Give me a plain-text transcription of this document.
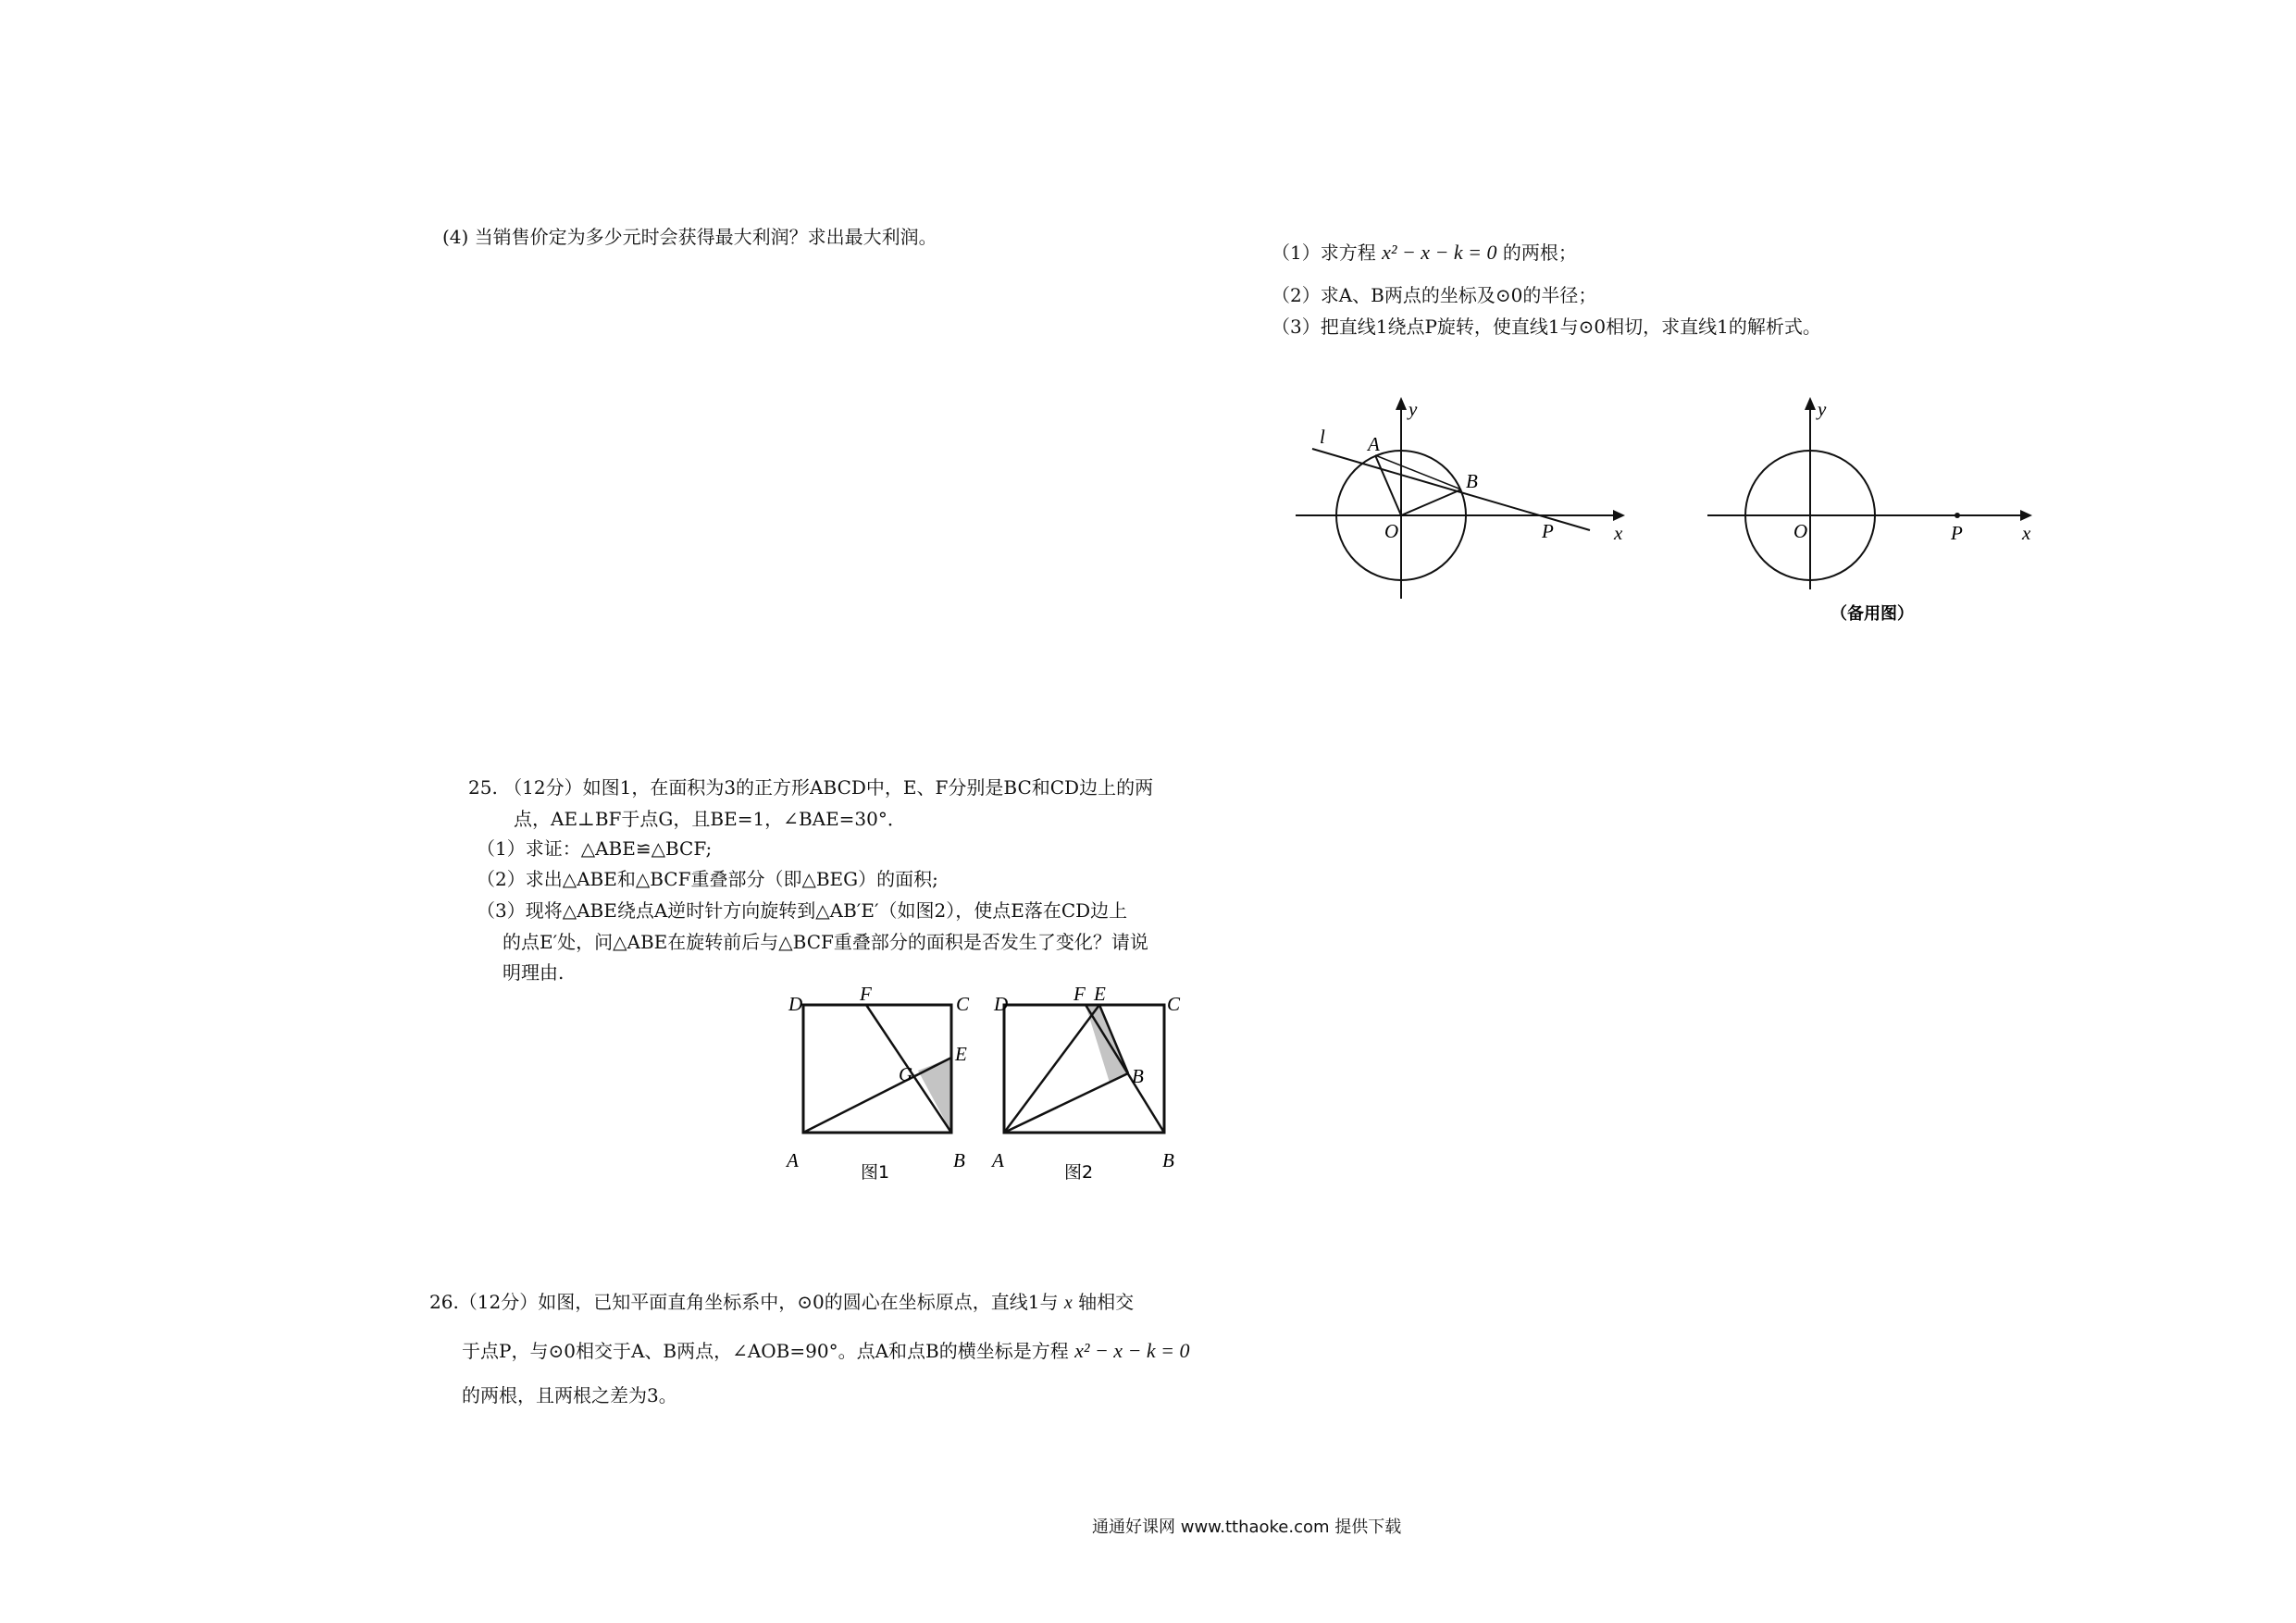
(4) 当销售价定为多少元时会获得最大利润？求出最大利润。
25. （12分）如图1，在面积为3的正方形ABCD中，E、F分别是BC和CD边上的两
点，AE⊥BF于点G，且BE=1，∠BAE=30°．
（1）求证：△ABE≌△BCF;
（2）求出△ABE和△BCF重叠部分（即△BEG）的面积;
（3）现将△ABE绕点A逆时针方向旋转到△AB′E′（如图2），使点E落在CD边上
的点E′处，问△ABE在旋转前后与△BCF重叠部分的面积是否发生了变化？请说
明理由.
D	F	C
E
G
A	B
图1
D	F E	C
B
A	B
图2
26.（12分）如图，已知平面直角坐标系中，⊙0的圆心在坐标原点，直线1与 x 轴相交
于点P，与⊙0相交于A、B两点，∠AOB=90°。点A和点B的横坐标是方程 x² − x − k = 0
的两根，且两根之差为3。
（1）求方程 x² − x − k = 0 的两根；
（2）求A、B两点的坐标及⊙0的半径；
（3）把直线1绕点P旋转，使直线1与⊙0相切，求直线1的解析式。
y
x
O
A
B
P
l
y
x
O	P
（备用图）
通通好课网 www.tthaoke.com 提供下载
